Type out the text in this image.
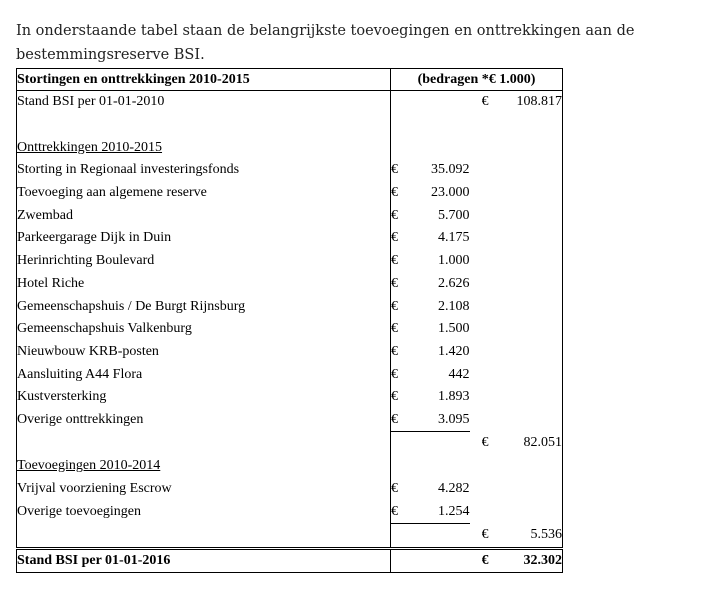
In onderstaande tabel staan de belangrijkste toevoegingen en onttrekkingen aan de bestemmingsreserve BSI.

Stortingen en onttrekkingen 2010-2015	(bedragen *€ 1.000)				
Stand BSI per 01-01-2010				€	108.817

Onttrekkingen 2010-2015					
Storting in Regionaal investeringsfonds	€	35.092			
Toevoeging aan algemene reserve	€	23.000			
Zwembad	€	5.700			
Parkeergarage Dijk in Duin	€	4.175			
Herinrichting Boulevard	€	1.000			
Hotel Riche	€	2.626			
Gemeenschapshuis / De Burgt Rijnsburg	€	2.108			
Gemeenschapshuis Valkenburg	€	1.500			
Nieuwbouw KRB-posten	€	1.420			
Aansluiting A44 Flora	€	442			
Kustversterking	€	1.893			
Overige onttrekkingen	€	3.095			
				€	82.051
Toevoegingen 2010-2014					
Vrijval voorziening Escrow	€	4.282			
Overige toevoegingen	€	1.254			
				€	5.536
Stand BSI per 01-01-2016				€	32.302
